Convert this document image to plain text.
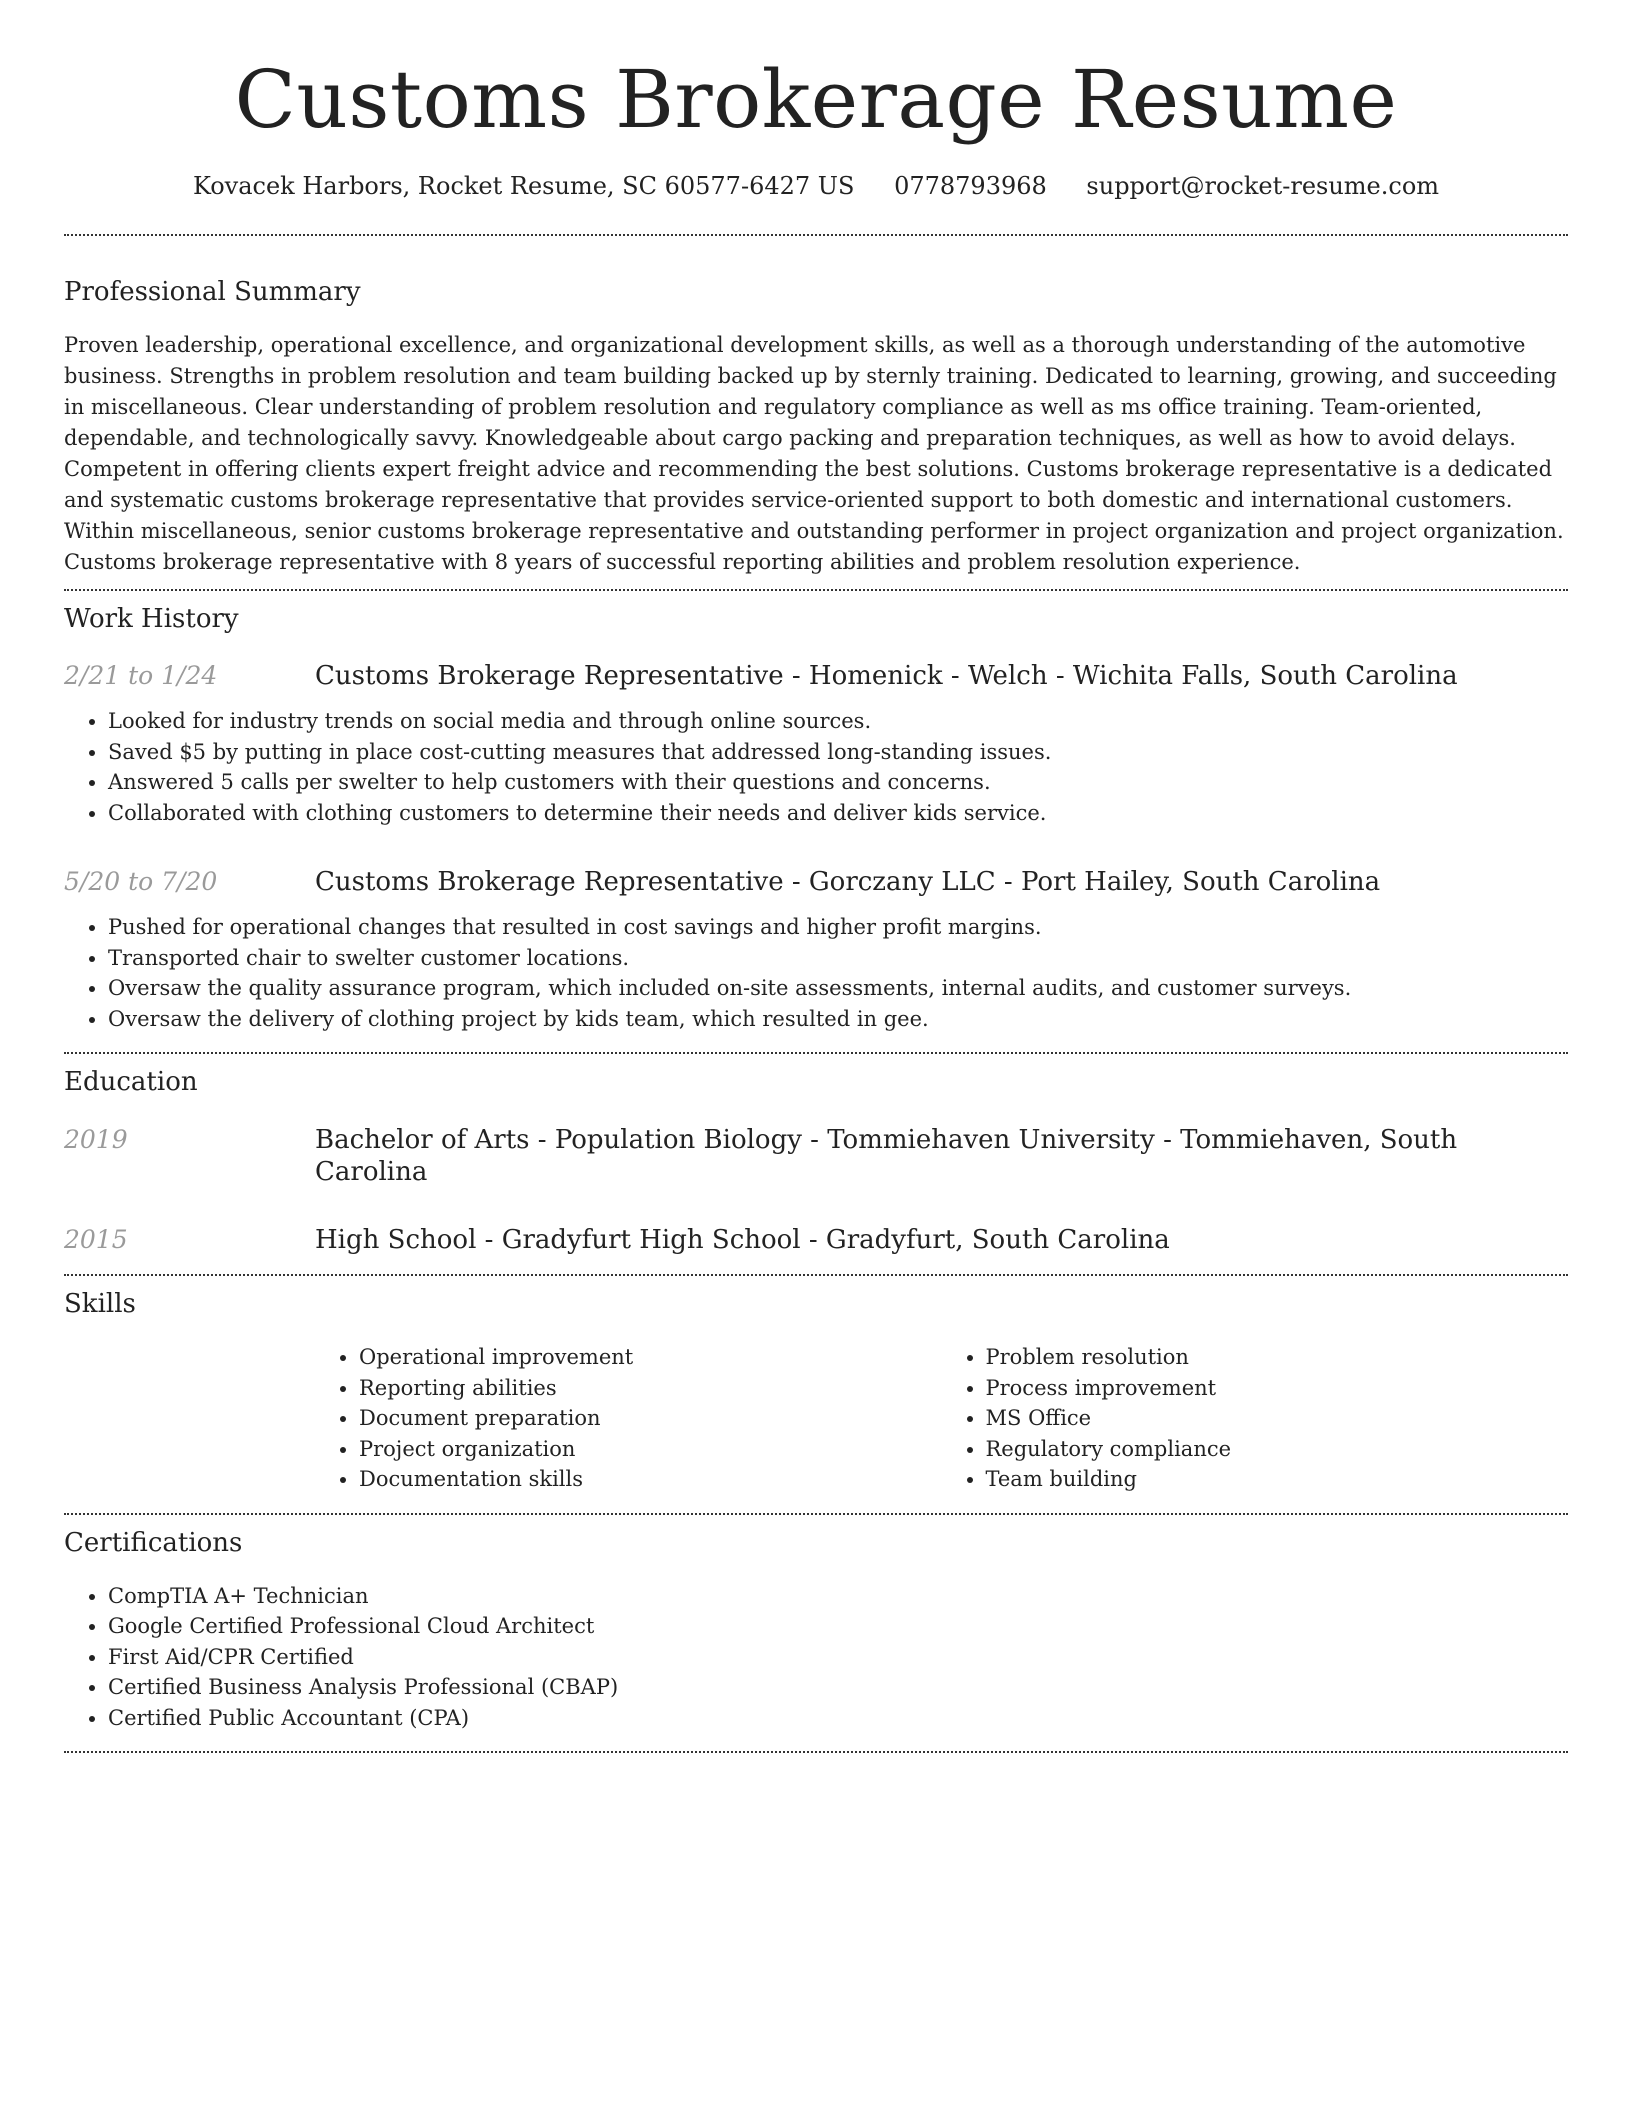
Customs Brokerage Resume
Kovacek Harbors, Rocket Resume, SC 60577-6427 US 0778793968 support@rocket-resume.com
Professional Summary

Proven leadership, operational excellence, and organizational development skills, as well as a thorough understanding of the automotive business. Strengths in problem resolution and team building backed up by sternly training. Dedicated to learning, growing, and succeeding in miscellaneous. Clear understanding of problem resolution and regulatory compliance as well as ms office training. Team-oriented, dependable, and technologically savvy. Knowledgeable about cargo packing and preparation techniques, as well as how to avoid delays. Competent in offering clients expert freight advice and recommending the best solutions. Customs brokerage representative is a dedicated and systematic customs brokerage representative that provides service-oriented support to both domestic and international customers. Within miscellaneous, senior customs brokerage representative and outstanding performer in project organization and project organization. Customs brokerage representative with 8 years of successful reporting abilities and problem resolution experience.

Work History
2/21 to 1/24	Customs Brokerage Representative - Homenick - Welch - Wichita Falls, South Carolina
• Looked for industry trends on social media and through online sources.
• Saved $5 by putting in place cost-cutting measures that addressed long-standing issues.
• Answered 5 calls per swelter to help customers with their questions and concerns.
• Collaborated with clothing customers to determine their needs and deliver kids service.
5/20 to 7/20	Customs Brokerage Representative - Gorczany LLC - Port Hailey, South Carolina
• Pushed for operational changes that resulted in cost savings and higher profit margins.
• Transported chair to swelter customer locations.
• Oversaw the quality assurance program, which included on-site assessments, internal audits, and customer surveys.
• Oversaw the delivery of clothing project by kids team, which resulted in gee.
Education
2019	Bachelor of Arts - Population Biology - Tommiehaven University - Tommiehaven, South Carolina
2015	High School - Gradyfurt High School - Gradyfurt, South Carolina
Skills
• Operational improvement
• Reporting abilities
• Document preparation
• Project organization
• Documentation skills
• Problem resolution
• Process improvement
• MS Office
• Regulatory compliance
• Team building
Certifications
• CompTIA A+ Technician
• Google Certified Professional Cloud Architect
• First Aid/CPR Certified
• Certified Business Analysis Professional (CBAP)
• Certified Public Accountant (CPA)
